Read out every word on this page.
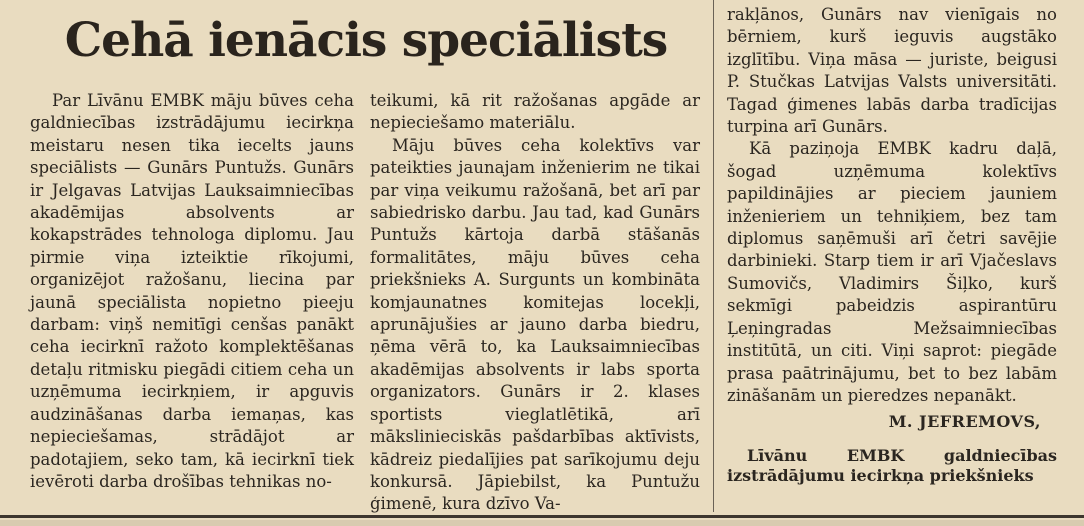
Cehā ienācis speciālists

Par Līvānu EMBK māju būves ceha galdniecības izstrādājumu iecirkņa meistaru nesen tika iecelts jauns speciālists — Gunārs Puntužs. Gunārs ir Jelgavas Latvijas Lauksaimniecības akadēmijas absolvents ar kokapstrādes tehnologa diplomu. Jau pirmie viņa izteiktie rīkojumi, organizējot ražošanu, liecina par jaunā speciālista nopietno pieeju darbam: viņš nemitīgi cenšas panākt ceha iecirknī ražoto komplektēšanas detaļu ritmisku piegādi citiem ceha un uzņēmuma iecirkņiem, ir apguvis audzināšanas darba iemaņas, kas nepieciešamas, strādājot ar padotajiem, seko tam, kā iecirknī tiek ievēroti darba drošības tehnikas no-

teikumi, kā rit ražošanas apgāde ar nepieciešamo materiālu.

Māju būves ceha kolektīvs var pateikties jaunajam inženierim ne tikai par viņa veikumu ražošanā, bet arī par sabiedrisko darbu. Jau tad, kad Gunārs Puntužs kārtoja darbā stāšanās formalitātes, māju būves ceha priekšnieks A. Surgunts un kombināta komjaunatnes komitejas locekļi, aprunājušies ar jauno darba biedru, ņēma vērā to, ka Lauksaimniecības akadēmijas absolvents ir labs sporta organizators. Gunārs ir 2. klases sportists vieglatlētikā, arī mākslinieciskās pašdarbības aktīvists, kādreiz piedalījies pat sarīkojumu deju konkursā. Jāpiebilst, ka Puntužu ģimenē, kura dzīvo Va-

rakļānos, Gunārs nav vienīgais no bērniem, kurš ieguvis augstāko izglītību. Viņa māsa — juriste, beigusi P. Stučkas Latvijas Valsts universitāti. Tagad ģimenes labās darba tradīcijas turpina arī Gunārs.

Kā paziņoja EMBK kadru daļā, šogad uzņēmuma kolektīvs papildinājies ar pieciem jauniem inženieriem un tehniķiem, bez tam diplomus saņēmuši arī četri savējie darbinieki. Starp tiem ir arī Vjačeslavs Sumovičs, Vladimirs Šiļko, kurš sekmīgi pabeidzis aspirantūru Ļeņingradas Mežsaimniecības institūtā, un citi. Viņi saprot: piegāde prasa paātrinājumu, bet to bez labām zināšanām un pieredzes nepanākt.

M. JEFREMOVS,

Līvānu EMBK galdniecības izstrādājumu iecirkņa priekšnieks
